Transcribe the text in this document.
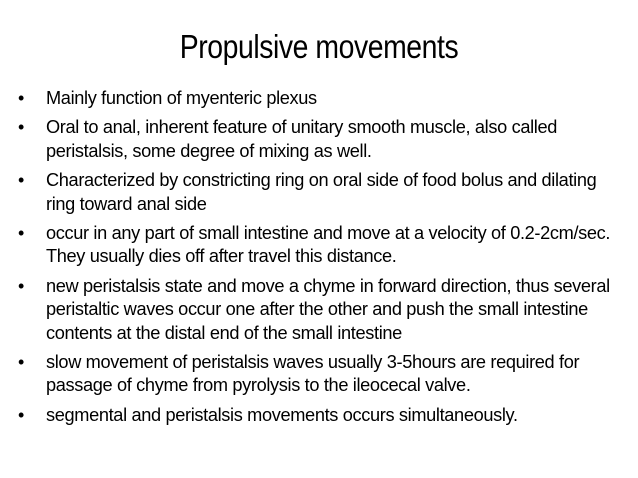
Propulsive movements
• Mainly function of myenteric plexus
• Oral to anal, inherent feature of unitary smooth muscle, also called
peristalsis, some degree of mixing as well.
• Characterized by constricting ring on oral side of food bolus and dilating
ring toward anal side
• occur in any part of small intestine and move at a velocity of 0.2-2cm/sec.
They usually dies off after travel this distance.
• new peristalsis state and move a chyme in forward direction, thus several
peristaltic waves occur one after the other and push the small intestine
contents at the distal end of the small intestine
• slow movement of peristalsis waves usually 3-5hours are required for
passage of chyme from pyrolysis to the ileocecal valve.
• segmental and peristalsis movements occurs simultaneously.
